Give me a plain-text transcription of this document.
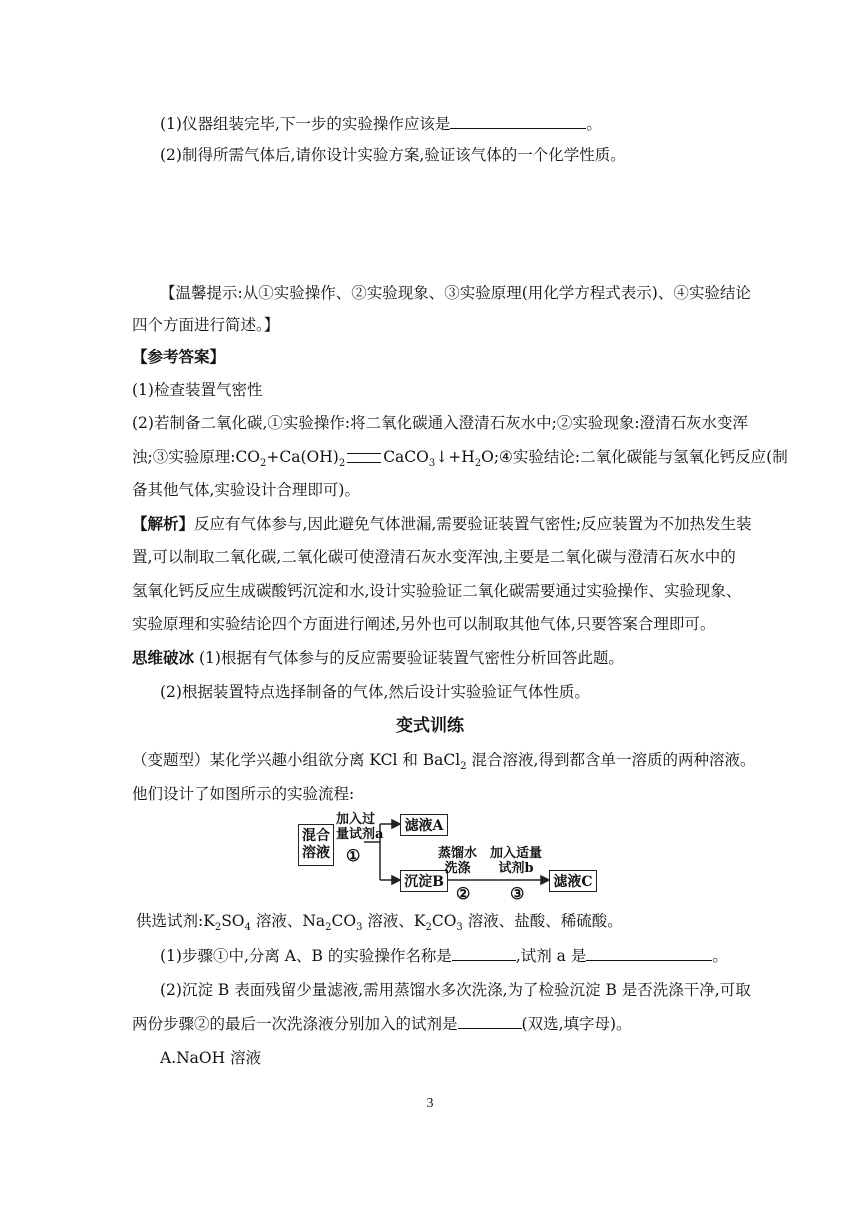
(1)仪器组装完毕,下一步的实验操作应该是	。
(2)制得所需气体后,请你设计实验方案,验证该气体的一个化学性质。
【温馨提示:从①实验操作、②实验现象、③实验原理(用化学方程式表示)、④实验结论
四个方面进行简述。】
【参考答案】
(1)检查装置气密性
(2)若制备二氧化碳,①实验操作:将二氧化碳通入澄清石灰水中;②实验现象:澄清石灰水变浑
浊;③实验原理$:CO_2+Ca(OH)_2$ $CaCO_3↓+H_2O;④$实验结论:二氧化碳能与氢氧化钙反应(制
备其他气体,实验设计合理即可)。
【解析】反应有气体参与,因此避免气体泄漏,需要验证装置气密性;反应装置为不加热发生装
置,可以制取二氧化碳,二氧化碳可使澄清石灰水变浑浊,主要是二氧化碳与澄清石灰水中的
氢氧化钙反应生成碳酸钙沉淀和水,设计实验验证二氧化碳需要通过实验操作、实验现象、
实验原理和实验结论四个方面进行阐述,另外也可以制取其他气体,只要答案合理即可。
思维破冰 (1)根据有气体参与的反应需要验证装置气密性分析回答此题。
(2)根据装置特点选择制备的气体,然后设计实验验证气体性质。
变式训练
（变题型）某化学兴趣小组欲分离 KCl 和 BaCl$_2$ 混合溶液,得到都含单一溶质的两种溶液。
他们设计了如图所示的实验流程:
混合
溶液
加入过
量试剂a
①
滤液A
沉淀B
蒸馏水
洗涤
②
加入适量
试剂b
③
滤液C
供选试剂$:K_2SO_4$ 溶液、$Na_2CO_3$ 溶液、$K_2CO_3$ 溶液、盐酸、稀硫酸。
(1)步骤①中,分离 A、B 的实验操作名称是	,试剂 a 是	。
(2)沉淀 B 表面残留少量滤液,需用蒸馏水多次洗涤,为了检验沉淀 B 是否洗涤干净,可取
两份步骤②的最后一次洗涤液分别加入的试剂是	(双选,填字母)。
A.NaOH 溶液
3
